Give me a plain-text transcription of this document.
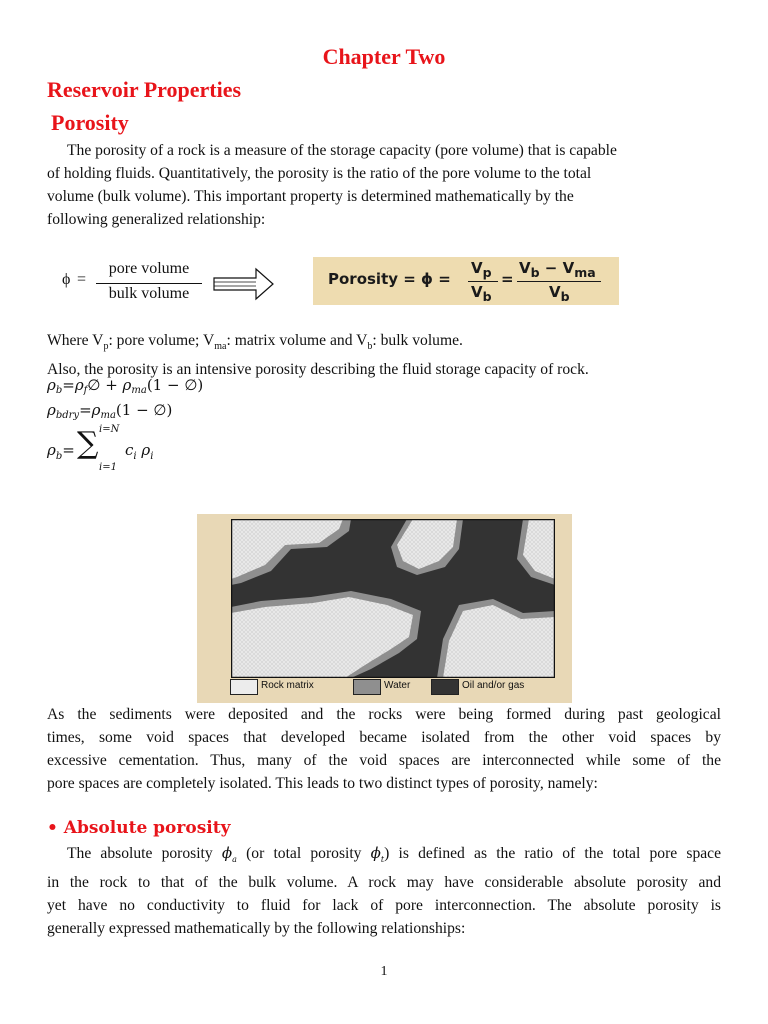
Chapter Two
Reservoir Properties
Porosity
The porosity of a rock is a measure of the storage capacity (pore volume) that is capable
of holding fluids. Quantitatively, the porosity is the ratio of the pore volume to the total
volume (bulk volume). This important property is determined mathematically by the
following generalized relationship:
ϕ =
pore volume
bulk volume
Porosity = ϕ =
$V_p$
$V_b$
=
$V_b - V_{ma}$
$V_b$
Where $V_p$: pore volume; $V_{ma}$: matrix volume and $V_b$: bulk volume.
Also, the porosity is an intensive porosity describing the fluid storage capacity of rock.
$\rho_b=\rho_f\emptyset + \rho_{ma}(1$ − ∅)
$\rho_{bdry}=\rho_{ma}(1$ − ∅)
$\rho_b=$
i=N
∑
i=1
$c_i$ $\rho_i$
Rock matrix	Water	Oil and/or gas
As the sediments were deposited and the rocks were being formed during past geological
times, some void spaces that developed became isolated from the other void spaces by
excessive cementation. Thus, many of the void spaces are interconnected while some of the
pore spaces are completely isolated. This leads to two distinct types of porosity, namely:
• Absolute porosity
The absolute porosity $\phi_a$ (or total porosity $\phi_t$) is defined as the ratio of the total pore space
in the rock to that of the bulk volume. A rock may have considerable absolute porosity and
yet have no conductivity to fluid for lack of pore interconnection. The absolute porosity is
generally expressed mathematically by the following relationships:
1
